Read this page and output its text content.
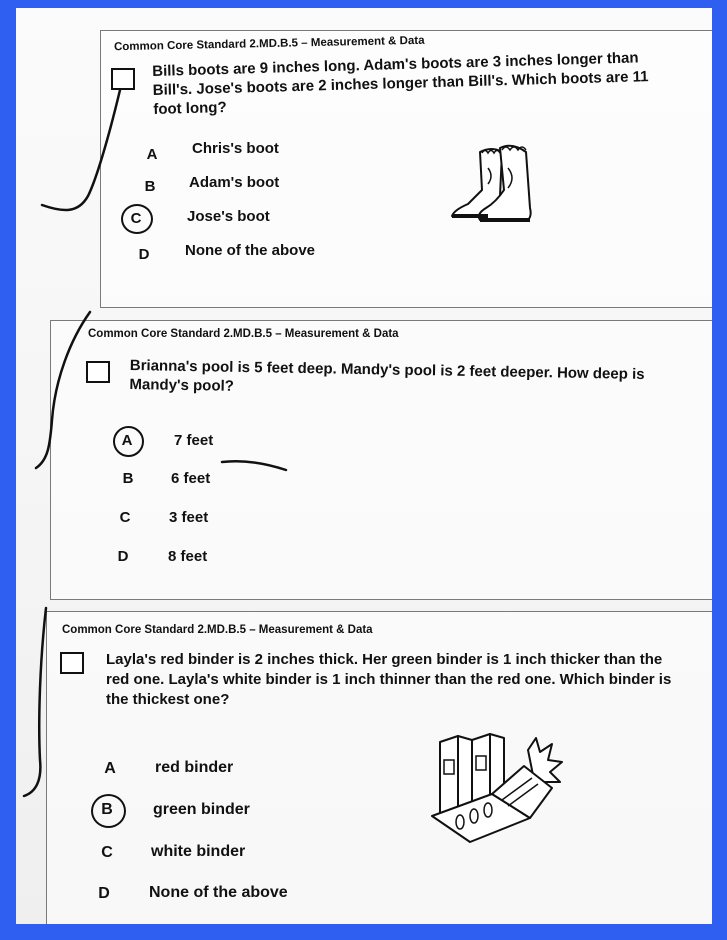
Common Core Standard 2.MD.B.5 – Measurement & Data
Bills boots are 9 inches long. Adam's boots are 3 inches longer than Bill's. Jose's boots are 2 inches longer than Bill's. Which boots are 11 foot long?
A	Chris's boot
B	Adam's boot
C	Jose's boot
D	None of the above
Common Core Standard 2.MD.B.5 – Measurement & Data
Brianna's pool is 5 feet deep. Mandy's pool is 2 feet deeper. How deep is Mandy's pool?
A	7 feet
B	6 feet
C	3 feet
D	8 feet
Common Core Standard 2.MD.B.5 – Measurement & Data
Layla's red binder is 2 inches thick. Her green binder is 1 inch thicker than the red one. Layla's white binder is 1 inch thinner than the red one. Which binder is the thickest one?
A red binder
B	green binder
C white binder
D None of the above
